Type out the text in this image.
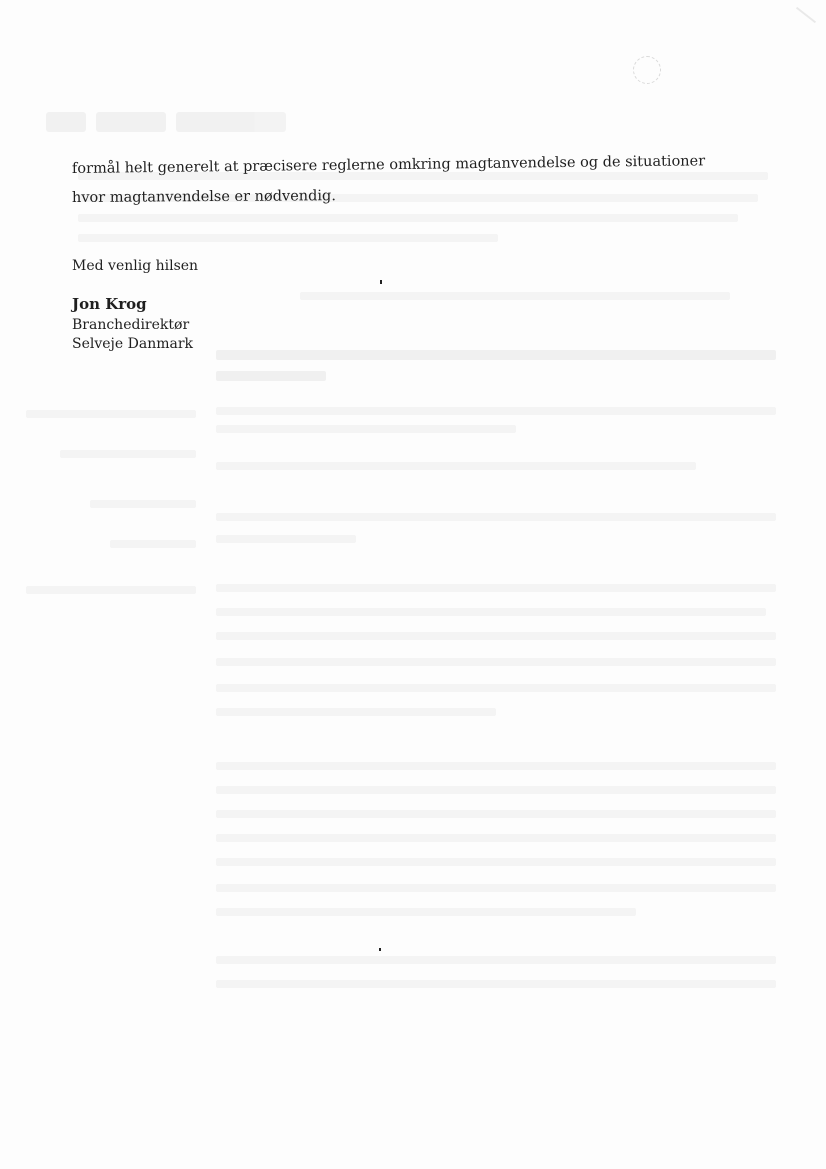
formål helt generelt at præcisere reglerne omkring magtanvendelse og de situationer
hvor magtanvendelse er nødvendig.
Med venlig hilsen
Jon Krog
Branchedirektør
Selveje Danmark
